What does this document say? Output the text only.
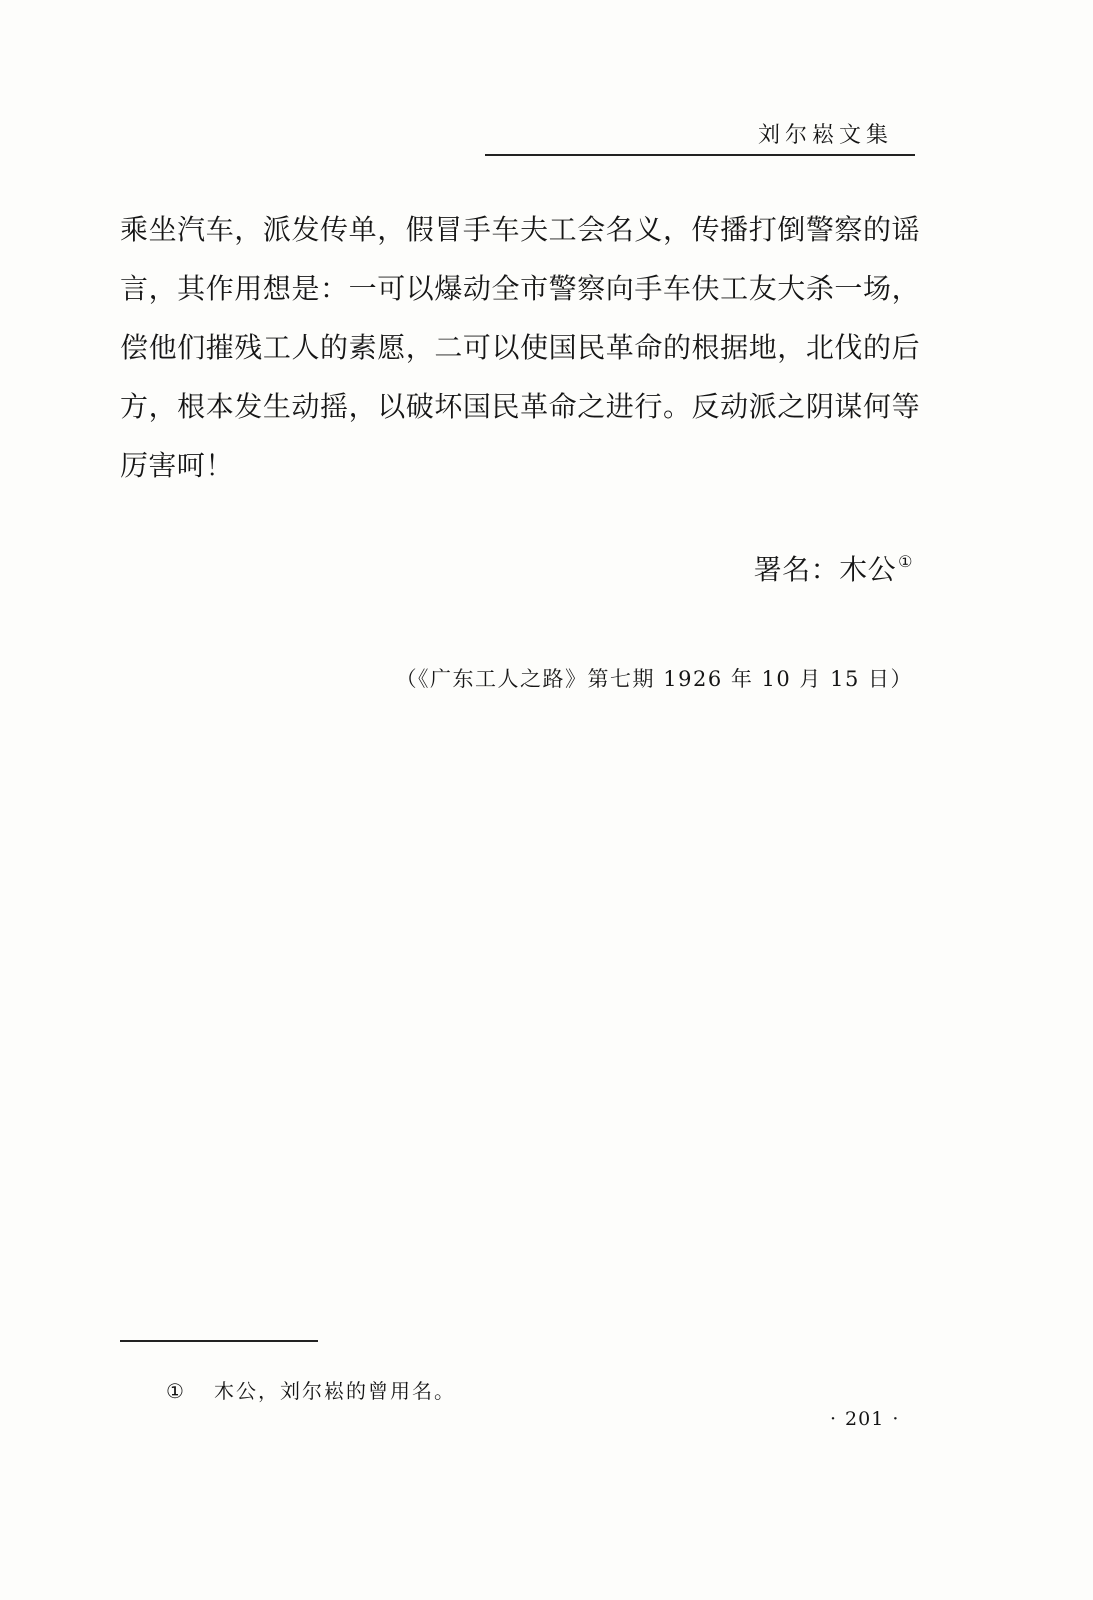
刘尔崧文集

乘坐汽车，派发传单，假冒手车夫工会名义，传播打倒警察的谣言，其作用想是：一可以爆动全市警察向手车伕工友大杀一场，偿他们摧残工人的素愿，二可以使国民革命的根据地，北伐的后方，根本发生动摇，以破坏国民革命之进行。反动派之阴谋何等厉害呵！

署名：木公 ①
（《广东工人之路》第七期 1926 年 10 月 15 日）
① 木公，刘尔崧的曾用名。
· 201 ·
